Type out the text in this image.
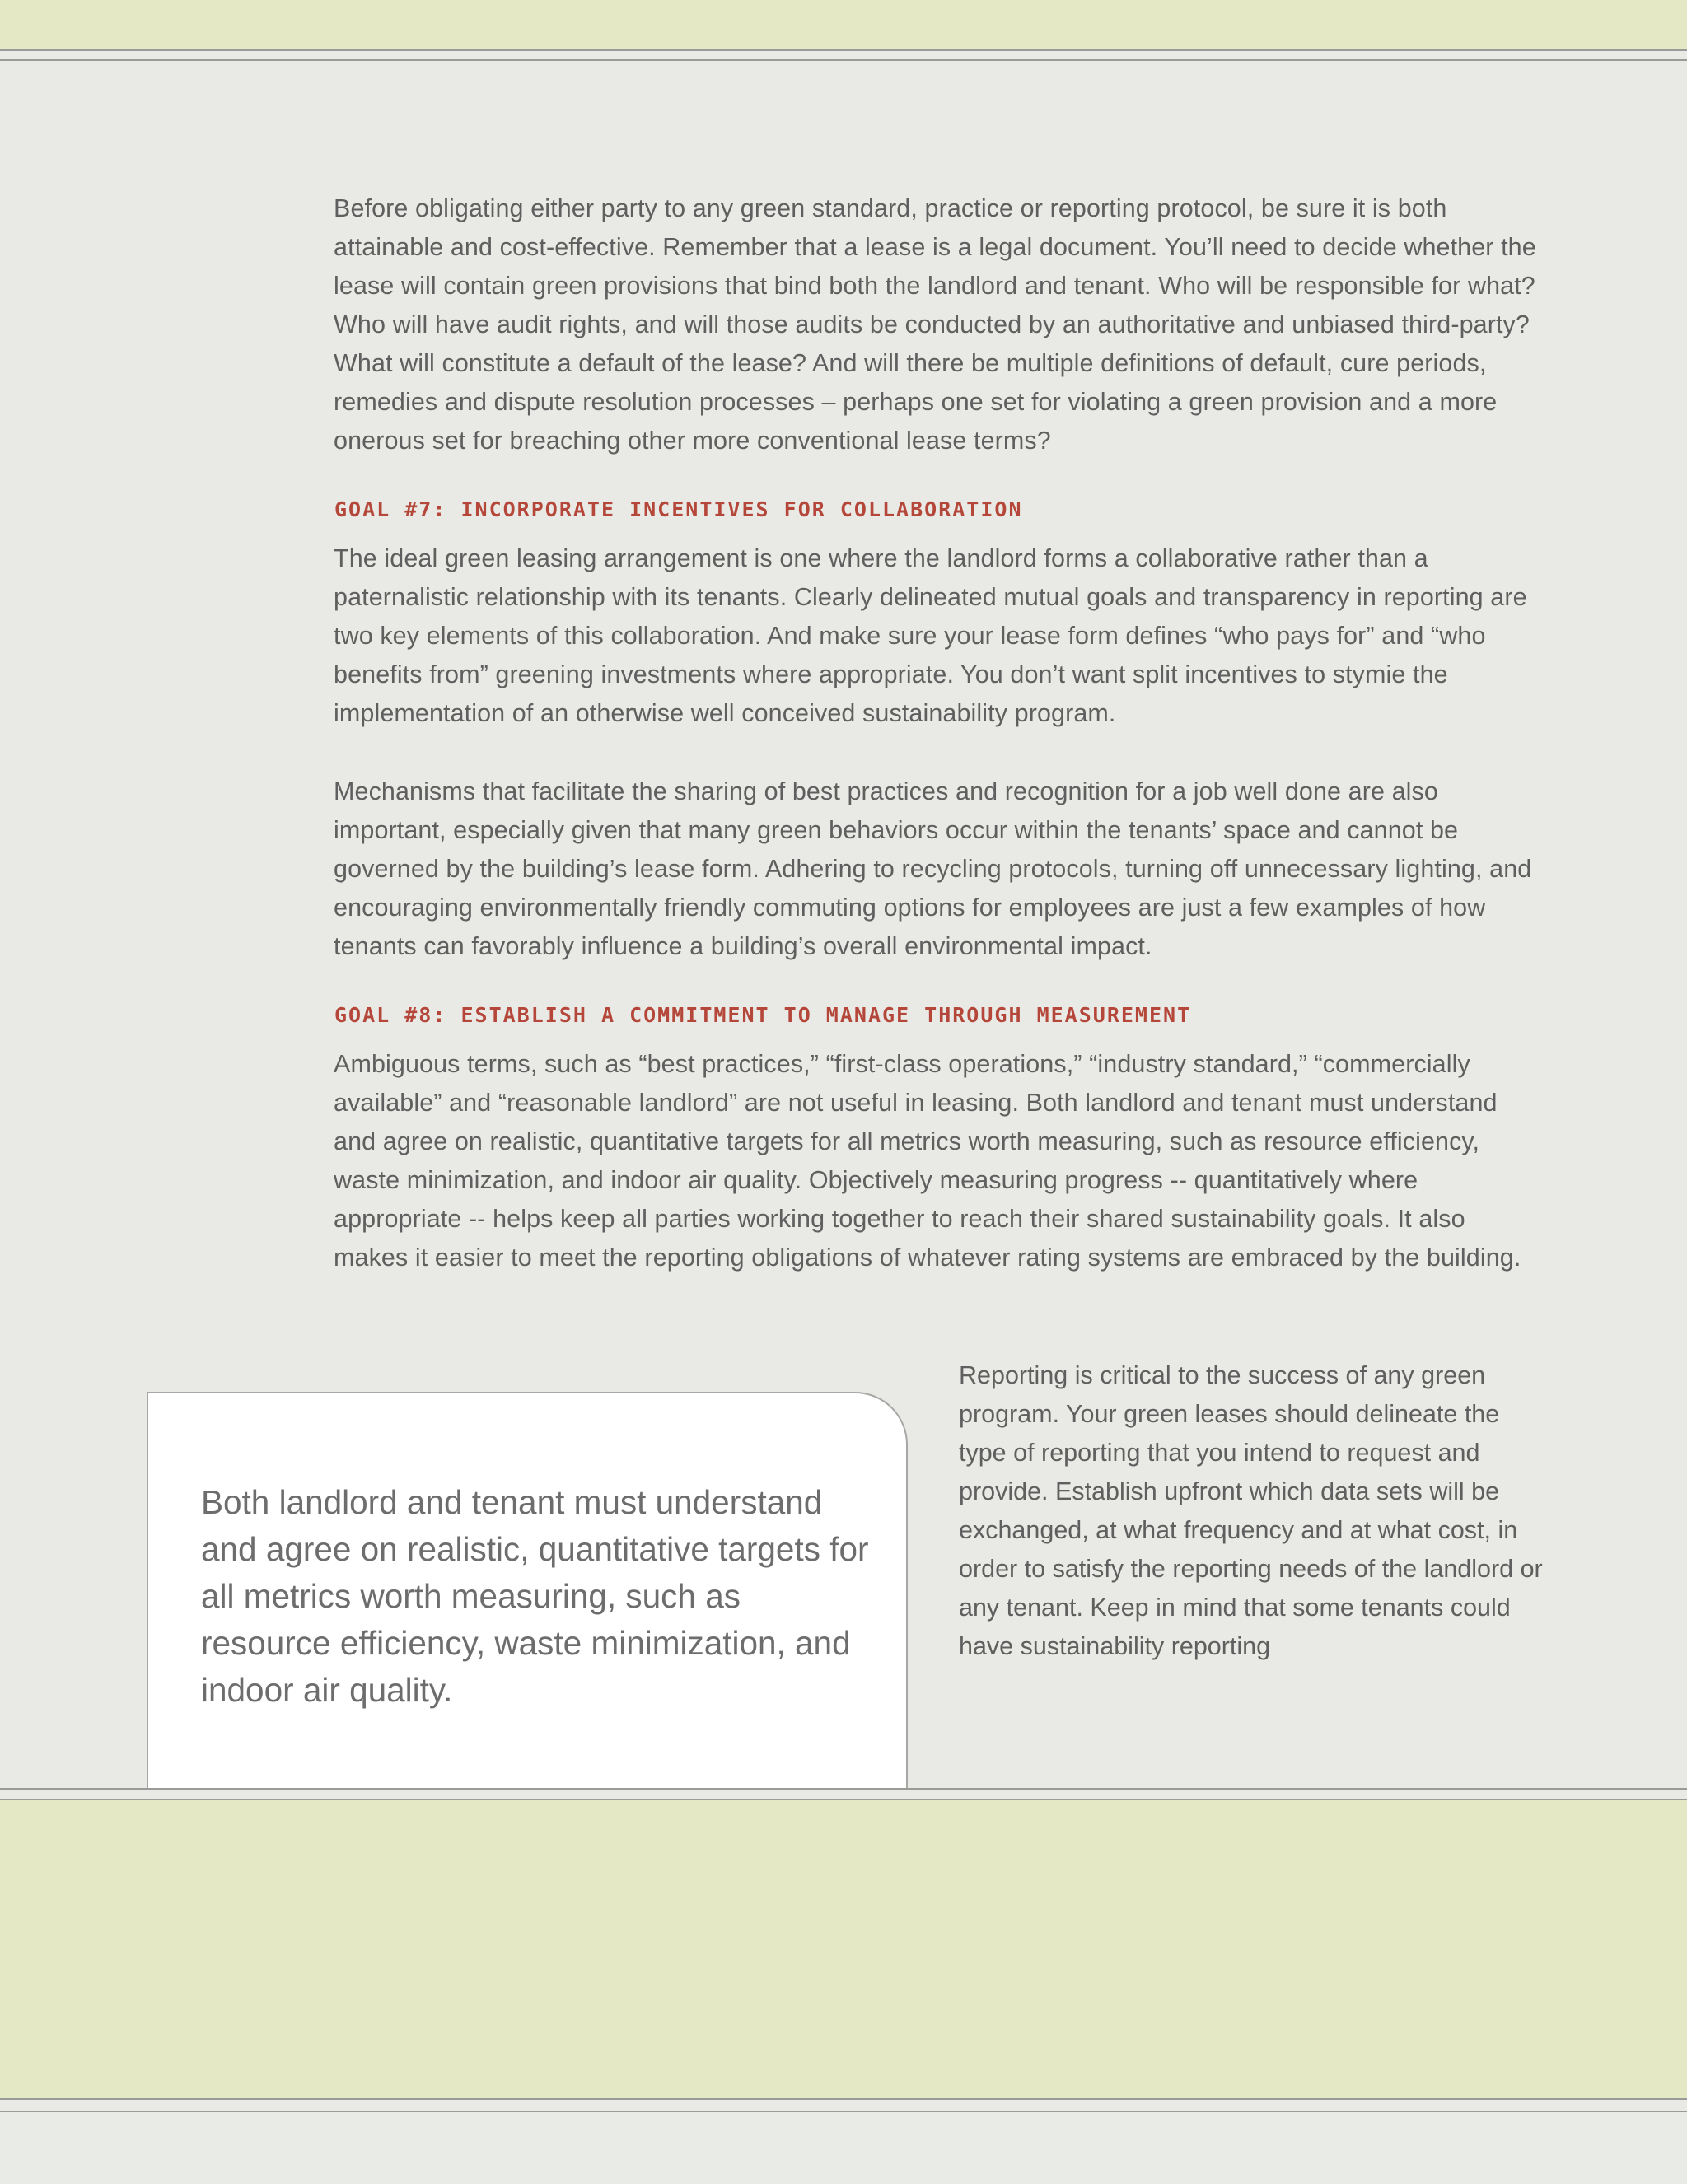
Before obligating either party to any green standard, practice or reporting protocol, be sure it is both attainable and cost-effective. Remember that a lease is a legal document. You’ll need to decide whether the lease will contain green provisions that bind both the landlord and tenant. Who will be responsible for what? Who will have audit rights, and will those audits be conducted by an authoritative and unbiased third-party? What will constitute a default of the lease? And will there be multiple definitions of default, cure periods, remedies and dispute resolution processes – perhaps one set for violating a green provision and a more onerous set for breaching other more conventional lease terms?

GOAL #7: INCORPORATE INCENTIVES FOR COLLABORATION

The ideal green leasing arrangement is one where the landlord forms a collaborative rather than a paternalistic relationship with its tenants. Clearly delineated mutual goals and transparency in reporting are two key elements of this collaboration. And make sure your lease form defines “who pays for” and “who benefits from” greening investments where appropriate. You don’t want split incentives to stymie the implementation of an otherwise well conceived sustainability program.

Mechanisms that facilitate the sharing of best practices and recognition for a job well done are also important, especially given that many green behaviors occur within the tenants’ space and cannot be governed by the building’s lease form. Adhering to recycling protocols, turning off unnecessary lighting, and encouraging environmentally friendly commuting options for employees are just a few examples of how tenants can favorably influence a building’s overall environmental impact.

GOAL #8: ESTABLISH A COMMITMENT TO MANAGE THROUGH MEASUREMENT

Ambiguous terms, such as “best practices,” “first-class operations,” “industry standard,” “commercially available” and “reasonable landlord” are not useful in leasing. Both landlord and tenant must understand and agree on realistic, quantitative targets for all metrics worth measuring, such as resource efficiency, waste minimization, and indoor air quality. Objectively measuring progress -- quantitatively where appropriate -- helps keep all parties working together to reach their shared sustainability goals. It also makes it easier to meet the reporting obligations of whatever rating systems are embraced by the building.

Both landlord and tenant must understand and agree on realistic, quantitative targets for all metrics worth measuring, such as resource efficiency, waste minimization, and indoor air quality.

Reporting is critical to the success of any green program. Your green leases should delineate the type of reporting that you intend to request and provide. Establish upfront which data sets will be exchanged, at what frequency and at what cost, in order to satisfy the reporting needs of the landlord or any tenant. Keep in mind that some tenants could have sustainability reporting
